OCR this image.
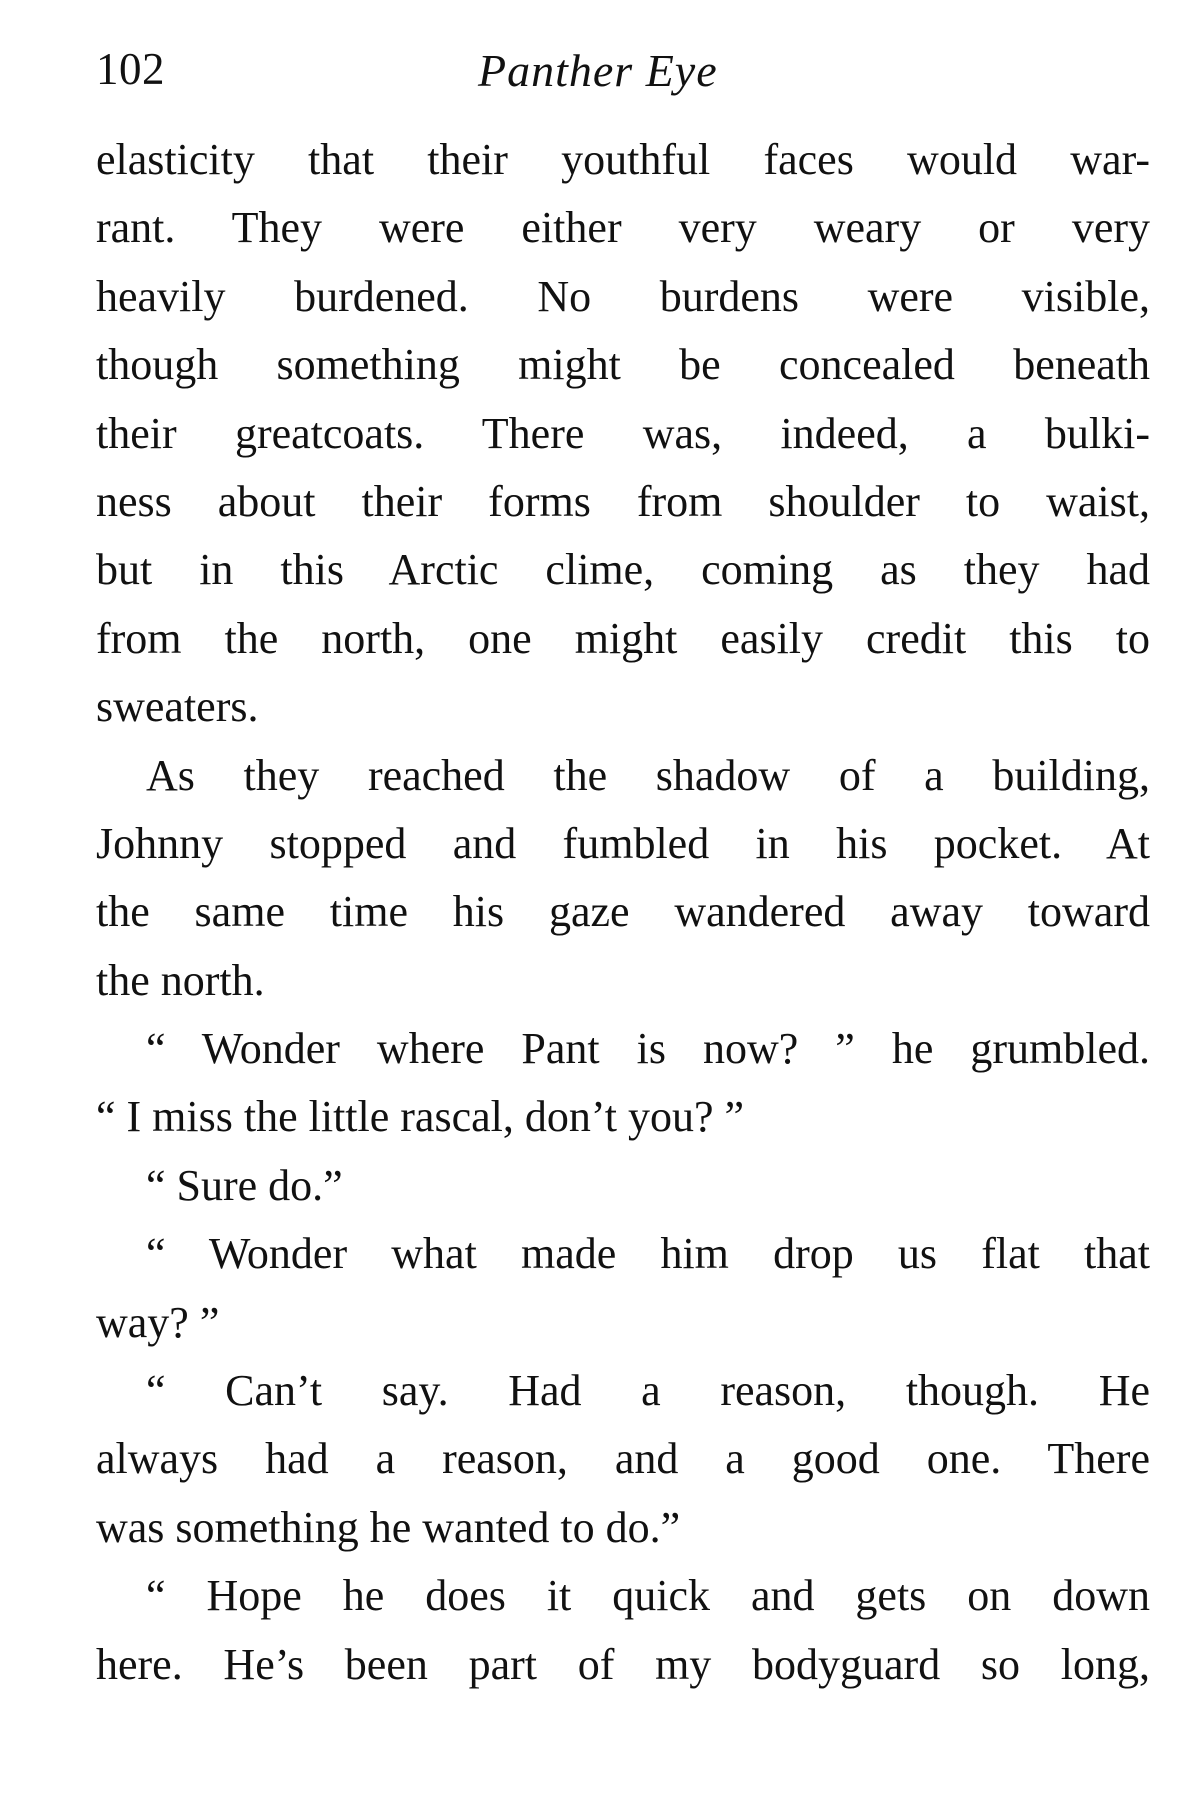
102	Panther Eye
elasticity that their youthful faces would war-
rant. They were either very weary or very
heavily burdened. No burdens were visible,
though something might be concealed beneath
their greatcoats. There was, indeed, a bulki-
ness about their forms from shoulder to waist,
but in this Arctic clime, coming as they had
from the north, one might easily credit this to
sweaters.
As they reached the shadow of a building,
Johnny stopped and fumbled in his pocket. At
the same time his gaze wandered away toward
the north.
“ Wonder where Pant is now? ” he grumbled.
“ I miss the little rascal, don’t you? ”
“ Sure do.”
“ Wonder what made him drop us flat that
way? ”
“ Can’t say. Had a reason, though. He
always had a reason, and a good one. There
was something he wanted to do.”
“ Hope he does it quick and gets on down
here. He’s been part of my bodyguard so long,
